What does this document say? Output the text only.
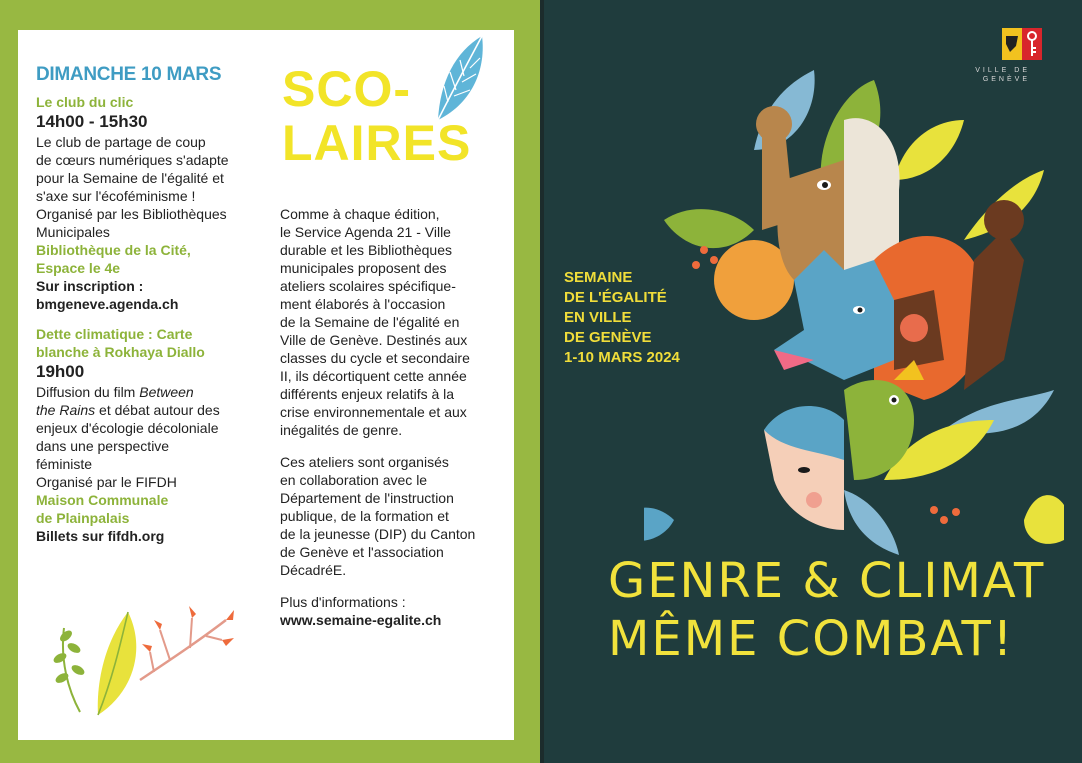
DIMANCHE 10 MARS
Le club du clic
14h00 - 15h30
Le club de partage de coup
de cœurs numériques s'adapte
pour la Semaine de l'égalité et
s'axe sur l'écoféminisme !
Organisé par les Bibliothèques
Municipales
Bibliothèque de la Cité,
Espace le 4e
Sur inscription :
bmgeneve.agenda.ch
Dette climatique : Carte
blanche à Rokhaya Diallo
19h00
Diffusion du film Between
the Rains et débat autour des
enjeux d'écologie décoloniale
dans une perspective
féministe
Organisé par le FIFDH
Maison Communale
de Plainpalais
Billets sur fifdh.org
SCO-
LAIRES
Comme à chaque édition,
le Service Agenda 21 - Ville
durable et les Bibliothèques
municipales proposent des
ateliers scolaires spécifique-
ment élaborés à l'occasion
de la Semaine de l'égalité en
Ville de Genève. Destinés aux
classes du cycle et secondaire
II, ils décortiquent cette année
différents enjeux relatifs à la
crise environnementale et aux
inégalités de genre.
Ces ateliers sont organisés
en collaboration avec le
Département de l'instruction
publique, de la formation et
de la jeunesse (DIP) du Canton
de Genève et l'association
DécadréE.
Plus d'informations :
www.semaine-egalite.ch
VILLE DE
GENÈVE
SEMAINE
DE L'ÉGALITÉ
EN VILLE
DE GENÈVE
1-10 MARS 2024
GENRE & CLIMAT
MÊME COMBAT!
